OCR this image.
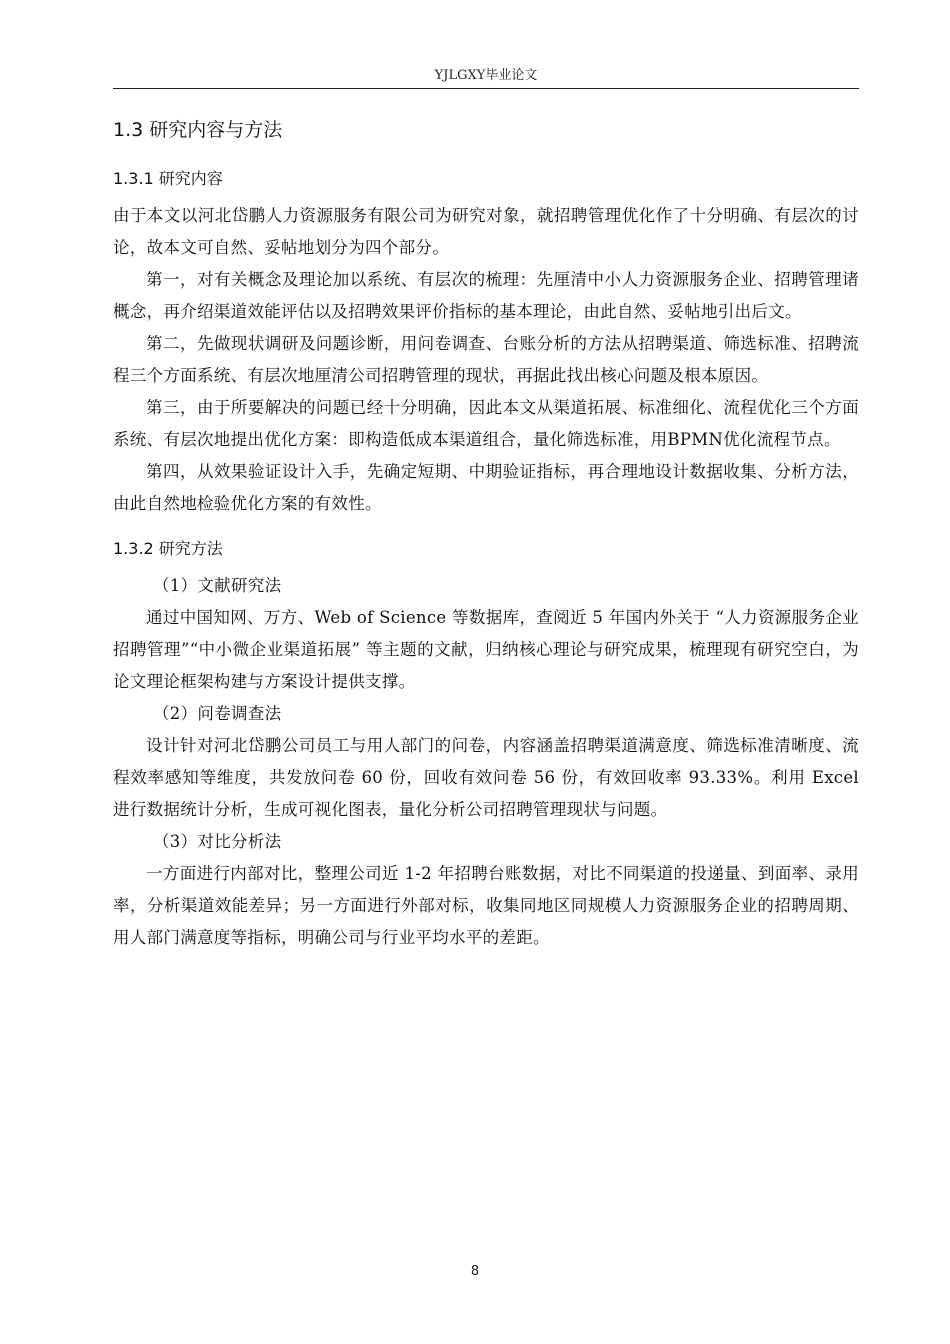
YJLGXY毕业论文
1.3 研究内容与方法
1.3.1 研究内容

由于本文以河北岱鹏人力资源服务有限公司为研究对象，就招聘管理优化作了十分明确、有层次的讨论，故本文可自然、妥帖地划分为四个部分。

第一，对有关概念及理论加以系统、有层次的梳理：先厘清中小人力资源服务企业、招聘管理诸概念，再介绍渠道效能评估以及招聘效果评价指标的基本理论，由此自然、妥帖地引出后文。

第二，先做现状调研及问题诊断，用问卷调查、台账分析的方法从招聘渠道、筛选标准、招聘流程三个方面系统、有层次地厘清公司招聘管理的现状，再据此找出核心问题及根本原因。

第三，由于所要解决的问题已经十分明确，因此本文从渠道拓展、标准细化、流程优化三个方面系统、有层次地提出优化方案：即构造低成本渠道组合，量化筛选标准，用BPMN优化流程节点。

第四，从效果验证设计入手，先确定短期、中期验证指标，再合理地设计数据收集、分析方法，由此自然地检验优化方案的有效性。

1.3.2 研究方法

（1）文献研究法

通过中国知网、万方、Web of Science 等数据库，查阅近 5 年国内外关于 “人力资源服务企业招聘管理”“中小微企业渠道拓展” 等主题的文献，归纳核心理论与研究成果，梳理现有研究空白，为论文理论框架构建与方案设计提供支撑。

（2）问卷调查法

设计针对河北岱鹏公司员工与用人部门的问卷，内容涵盖招聘渠道满意度、筛选标准清晰度、流程效率感知等维度，共发放问卷 60 份，回收有效问卷 56 份，有效回收率 93.33%。利用 Excel 进行数据统计分析，生成可视化图表，量化分析公司招聘管理现状与问题。

（3）对比分析法

一方面进行内部对比，整理公司近 1-2 年招聘台账数据，对比不同渠道的投递量、到面率、录用率，分析渠道效能差异；另一方面进行外部对标，收集同地区同规模人力资源服务企业的招聘周期、用人部门满意度等指标，明确公司与行业平均水平的差距。

8
